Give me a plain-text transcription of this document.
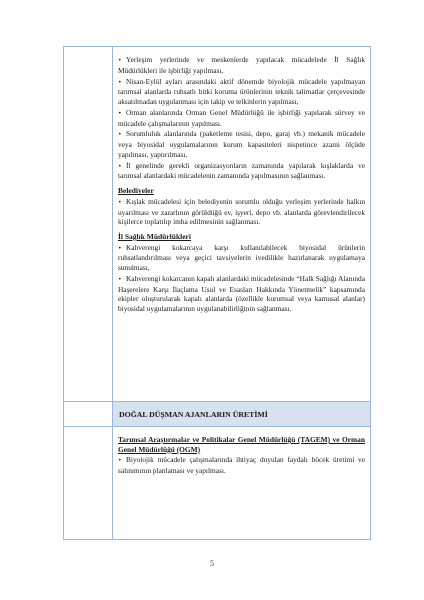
• Yerleşim yerlerinde ve meskenlerde yapılacak mücadelede İl Sağlık Müdürlükleri ile işbirliği yapılması,
• Nisan-Eylül ayları arasındaki aktif dönemde biyolojik mücadele yapılmayan tarımsal alanlarda ruhsatlı bitki koruma ürünlerinin teknik talimatlar çerçevesinde aksatılmadan uygulanması için takip ve telkinlerin yapılması,
• Orman alanlarında Orman Genel Müdürlüğü ile işbirliği yapılarak sürvey ve mücadele çalışmalarının yapılması.
• Sorumluluk alanlarında (paketleme tesisi, depo, garaj vb.) mekanik mücadele veya biyosidal uygulamalarının kurum kapasiteleri nispetince azami ölçüde yapılması, yaptırılması,
• İl genelinde gerekli organizasyonların zamanında yapılarak kışlaklarda ve tarımsal alanlardaki mücadelenin zamanında yapılmasının sağlanması.
Belediyeler
• Kışlak mücadelesi için belediyenin sorumlu olduğu yerleşim yerlerinde halkın uyarılması ve zararlının görüldüğü ev, işyeri, depo vb. alanlarda görevlendirilecek kişilerce toplatılıp imha edilmesinin sağlanması.
İl Sağlık Müdürlükleri
• Kahverengi kokarcaya karşı kullanılabilecek biyosidal ürünlerin ruhsatlandırılması veya geçici tavsiyelerin ivedilikle hazırlanarak uygulamaya sunulması,
• Kahverengi kokarcanın kapalı alanlardaki mücadelesinde “Halk Sağlığı Alanında Haşerelere Karşı İlaçlama Usul ve Esasları Hakkında Yönetmelik” kapsamında ekipler oluşturularak kapalı alanlarda (özellikle kurumsal veya kamusal alanlar) biyosidal uygulamalarının uygulanabilirliğinin sağlanması.
DOĞAL DÜŞMAN AJANLARIN ÜRETİMİ
Tarımsal Araştırmalar ve Politikalar Genel Müdürlüğü (TAGEM) ve Orman Genel Müdürlüğü (OGM)
• Biyolojik mücadele çalışmalarında ihtiyaç duyulan faydalı böcek üretimi ve salınımının planlaması ve yapılması.
5
